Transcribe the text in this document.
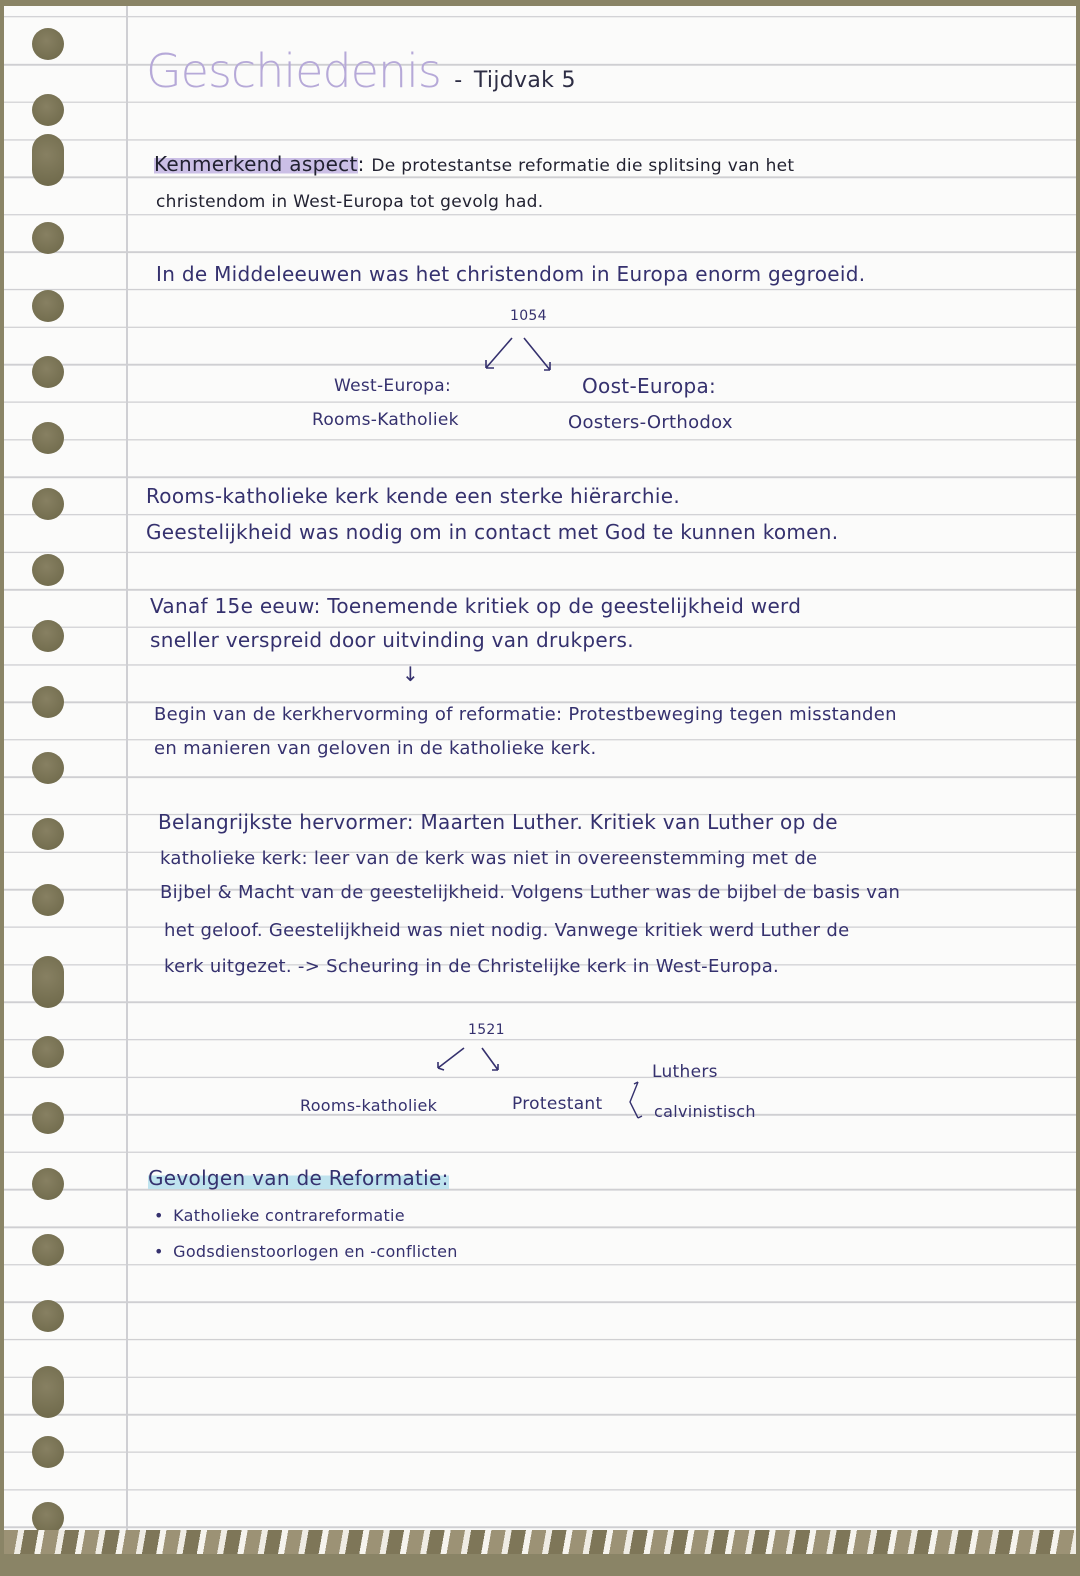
Geschiedenis - Tijdvak 5
Kenmerkend aspect: De protestantse reformatie die splitsing van het
christendom in West-Europa tot gevolg had.
In de Middeleeuwen was het christendom in Europa enorm gegroeid.
1054
West-Europa:
Rooms-Katholiek
Oost-Europa:
Oosters-Orthodox
Rooms-katholieke kerk kende een sterke hiërarchie.
Geestelijkheid was nodig om in contact met God te kunnen komen.
Vanaf 15e eeuw: Toenemende kritiek op de geestelijkheid werd
sneller verspreid door uitvinding van drukpers.
↓
Begin van de kerkhervorming of reformatie: Protestbeweging tegen misstanden
en manieren van geloven in de katholieke kerk.
Belangrijkste hervormer: Maarten Luther. Kritiek van Luther op de
katholieke kerk: leer van de kerk was niet in overeenstemming met de
Bijbel & Macht van de geestelijkheid. Volgens Luther was de bijbel de basis van
het geloof. Geestelijkheid was niet nodig. Vanwege kritiek werd Luther de
kerk uitgezet. -> Scheuring in de Christelijke kerk in West-Europa.
1521
Rooms-katholiek	Protestant
Luthers
calvinistisch
Gevolgen van de Reformatie:
• Katholieke contrareformatie
• Godsdienstoorlogen en -conflicten
